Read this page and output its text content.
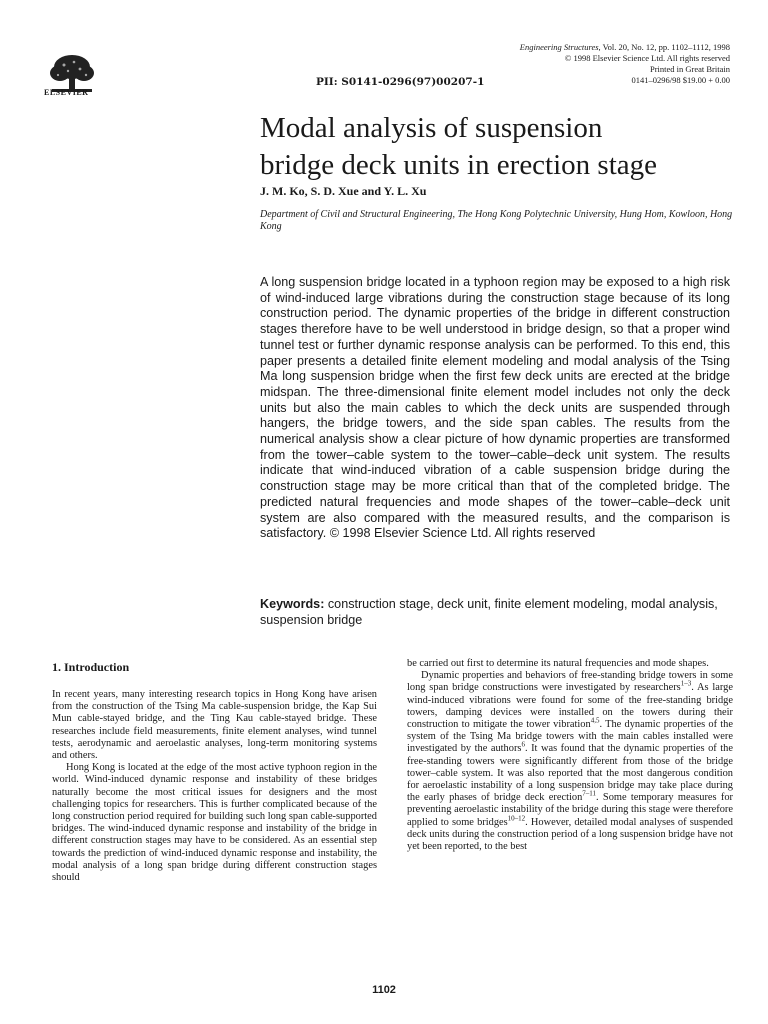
ELSEVIER
PII: S0141-0296(97)00207-1
Engineering Structures, Vol. 20, No. 12, pp. 1102–1112, 1998
© 1998 Elsevier Science Ltd. All rights reserved
Printed in Great Britain
0141–0296/98 $19.00 + 0.00
Modal analysis of suspension
bridge deck units in erection stage
J. M. Ko, S. D. Xue and Y. L. Xu
Department of Civil and Structural Engineering, The Hong Kong Polytechnic University, Hung Hom, Kowloon, Hong Kong
A long suspension bridge located in a typhoon region may be exposed to a high risk of wind-induced large vibrations during the construction stage because of its long construction period. The dynamic properties of the bridge in different construction stages therefore have to be well understood in bridge design, so that a proper wind tunnel test or further dynamic response analysis can be performed. To this end, this paper presents a detailed finite element modeling and modal analysis of the Tsing Ma long suspension bridge when the first few deck units are erected at the bridge midspan. The three-dimensional finite element model includes not only the deck units but also the main cables to which the deck units are suspended through hangers, the bridge towers, and the side span cables. The results from the numerical analysis show a clear picture of how dynamic properties are transformed from the tower–cable system to the tower–cable–deck unit system. The results indicate that wind-induced vibration of a cable suspension bridge during the construction stage may be more critical than that of the completed bridge. The predicted natural frequencies and mode shapes of the tower–cable–deck unit system are also compared with the measured results, and the comparison is satisfactory. © 1998 Elsevier Science Ltd. All rights reserved
Keywords: construction stage, deck unit, finite element modeling, modal analysis, suspension bridge
1. Introduction

In recent years, many interesting research topics in Hong Kong have arisen from the construction of the Tsing Ma cable-suspension bridge, the Kap Sui Mun cable-stayed bridge, and the Ting Kau cable-stayed bridge. These researches include field measurements, finite element analyses, wind tunnel tests, aerodynamic and aeroelastic analyses, long-term monitoring systems and others.

Hong Kong is located at the edge of the most active typhoon region in the world. Wind-induced dynamic response and instability of these bridges naturally become the most critical issues for designers and the most challenging topics for researchers. This is further complicated because of the long construction period required for building such long span cable-supported bridges. The wind-induced dynamic response and instability of the bridge in different construction stages may have to be considered. As an essential step towards the prediction of wind-induced dynamic response and instability, the modal analysis of a long span bridge during different construction stages should

be carried out first to determine its natural frequencies and mode shapes.

Dynamic properties and behaviors of free-standing bridge towers in some long span bridge constructions were investigated by researchers$^{1-3}$. As large wind-induced vibrations were found for some of the free-standing bridge towers, damping devices were installed on the towers during their construction to mitigate the tower vibration$^{4,5}$. The dynamic properties of the system of the Tsing Ma bridge towers with the main cables installed were investigated by the authors$^6$. It was found that the dynamic properties of the free-standing towers were significantly different from those of the bridge tower–cable system. It was also reported that the most dangerous condition for aeroelastic instability of a long suspension bridge may take place during the early phases of bridge deck erection$^{7-11}$. Some temporary measures for preventing aeroelastic instability of the bridge during this stage were therefore applied to some bridges$^{10-12}$. However, detailed modal analyses of suspended deck units during the construction period of a long suspension bridge have not yet been reported, to the best

1102
